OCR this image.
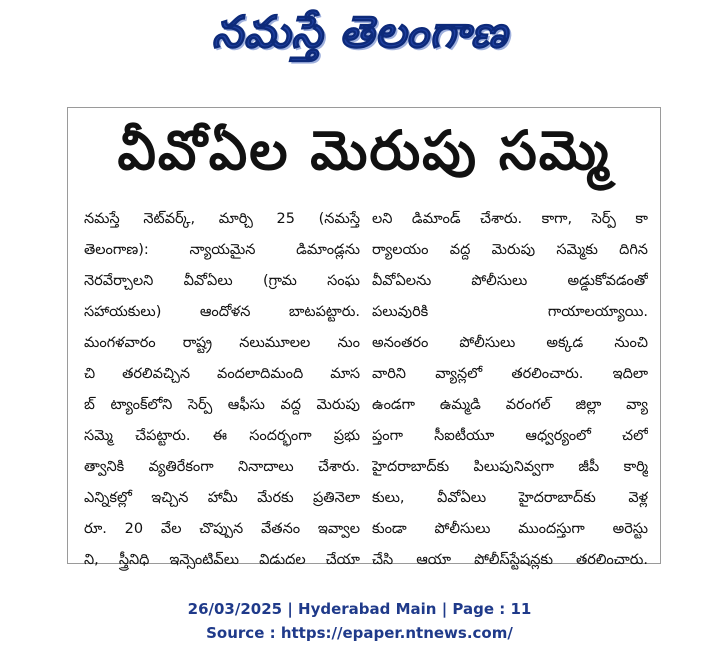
నమస్తే తెలంగాణ
వీవోఏల మెరుపు సమ్మె
నమస్తే నెట్‌వర్క్, మార్చి 25 (నమస్తే
తెలంగాణ): న్యాయమైన డిమాండ్లను
నెరవేర్చాలని వీవోఏలు (గ్రామ సంఘ
సహాయకులు) ఆందోళన బాటపట్టారు.
మంగళవారం రాష్ట్ర నలుమూలల నుం
చి తరలివచ్చిన వందలాదిమంది మాస
బ్ ట్యాంక్‌లోని సెర్ప్ ఆఫీసు వద్ద మెరుపు
సమ్మె చేపట్టారు. ఈ సందర్భంగా ప్రభు
త్వానికి వ్యతిరేకంగా నినాదాలు చేశారు.
ఎన్నికల్లో ఇచ్చిన హామీ మేరకు ప్రతినెలా
రూ. 20 వేల చొప్పున వేతనం ఇవ్వాల
ని, స్త్రీనిధి ఇన్సెంటివ్‌లు విడుదల చేయా
లని డిమాండ్ చేశారు. కాగా, సెర్ప్ కా
ర్యాలయం వద్ద మెరుపు సమ్మెకు దిగిన
వీవోఏలను పోలీసులు అడ్డుకోవడంతో
పలువురికి గాయాలయ్యాయి.
అనంతరం పోలీసులు అక్కడ నుంచి
వారిని వ్యాన్లలో తరలించారు. ఇదిలా
ఉండగా ఉమ్మడి వరంగల్ జిల్లా వ్యా
ప్తంగా సీఐటీయూ ఆధ్వర్యంలో చలో
హైదరాబాద్‌కు పిలుపునివ్వగా జీపీ కార్మి
కులు, వీవోఏలు హైదరాబాద్‌కు వెళ్ల
కుండా పోలీసులు ముందస్తుగా అరెస్టు
చేసి ఆయా పోలీస్‌స్టేషన్లకు తరలించారు.
26/03/2025 | Hyderabad Main | Page : 11
Source : https://epaper.ntnews.com/
